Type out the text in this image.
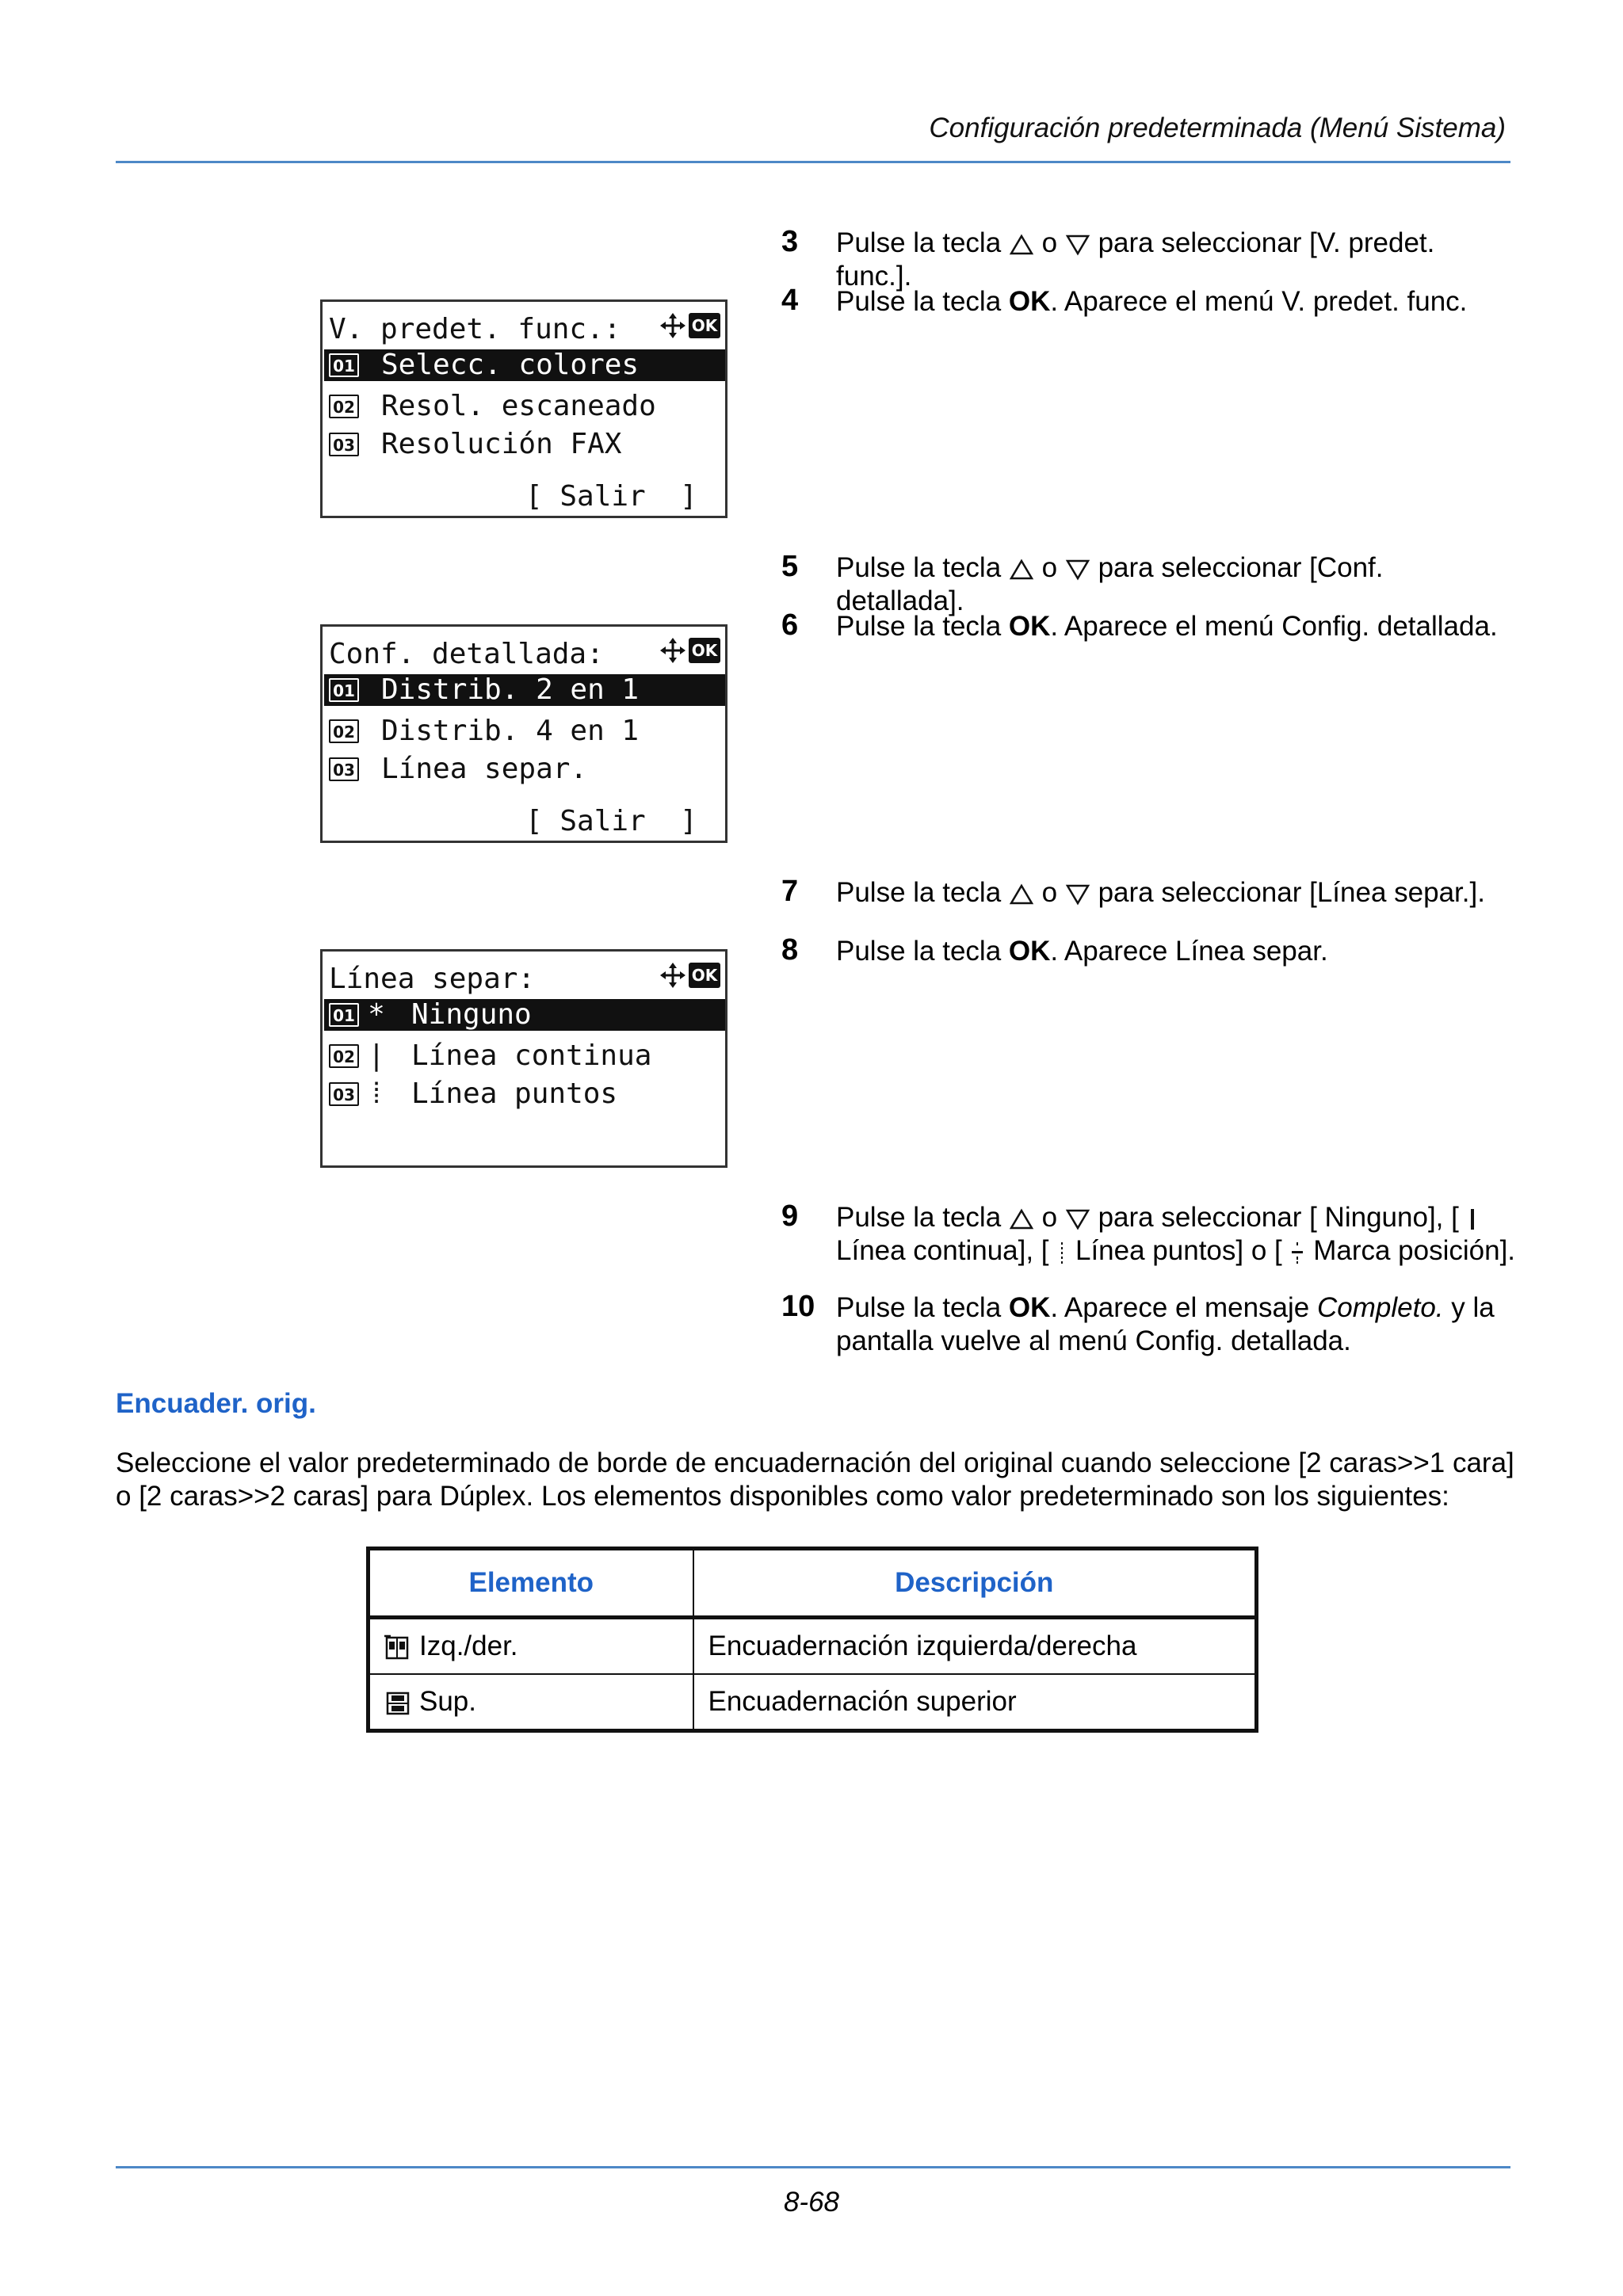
Configuración predeterminada (Menú Sistema)
V. predet. func.:	OK
01 Selecc. colores
02 Resol. escaneado
03 Resolución FAX
[ Salir  ]
Conf. detallada:	OK
01 Distrib. 2 en 1
02 Distrib. 4 en 1
03 Línea separ.
[ Salir  ]
Línea separ:	OK
01 * Ninguno
02 | Línea continua
03 ⁞ Línea puntos
3 Pulse la tecla o para seleccionar [V. predet. func.].
4 Pulse la tecla OK. Aparece el menú V. predet. func.
5 Pulse la tecla o para seleccionar [Conf. detallada].
6 Pulse la tecla OK. Aparece el menú Config. detallada.
7 Pulse la tecla o para seleccionar [Línea separ.].
8 Pulse la tecla OK. Aparece Línea separ.
9 Pulse la tecla o para seleccionar [ Ninguno], [
Línea continua], [  Línea puntos] o [  Marca posición].
10 Pulse la tecla OK. Aparece el mensaje Completo. y la pantalla vuelve al menú Config. detallada.
Encuader. orig.
Seleccione el valor predeterminado de borde de encuadernación del original cuando seleccione [2 caras>>1 cara] o [2 caras>>2 caras] para Dúplex. Los elementos disponibles como valor predeterminado son los siguientes:
Elemento	Descripción
Izq./der.	Encuadernación izquierda/derecha
Sup.	Encuadernación superior
8-68
